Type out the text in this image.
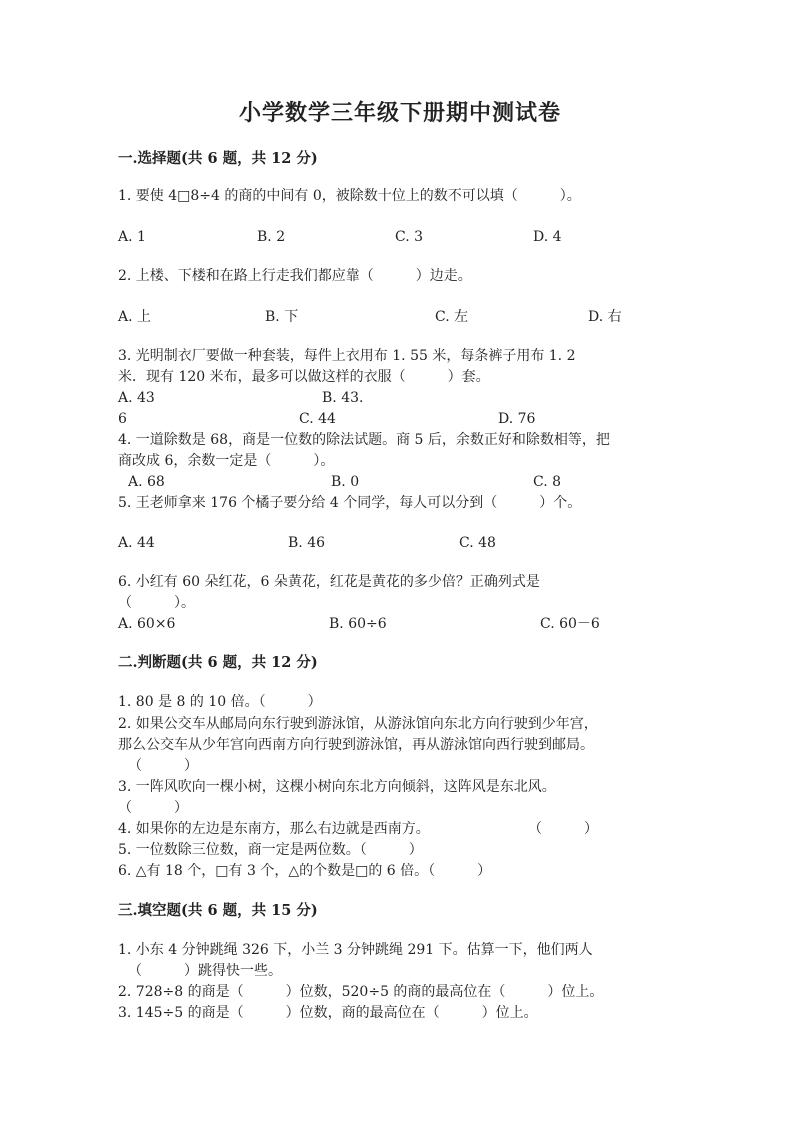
小学数学三年级下册期中测试卷
一.选择题(共 6 题，共 12 分)
1. 要使 4□8÷4 的商的中间有 0，被除数十位上的数不可以填（　　　）。
A. 1	B. 2	C. 3	D. 4
2. 上楼、下楼和在路上行走我们都应靠（　　　）边走。
A. 上	B. 下	C. 左	D. 右
3. 光明制衣厂要做一种套装，每件上衣用布 1. 55 米，每条裤子用布 1. 2
米．现有 120 米布，最多可以做这样的衣服（　　　）套。
A. 43	B. 43.
6	C. 44	D. 76
4. 一道除数是 68，商是一位数的除法试题。商 5 后，余数正好和除数相等，把
商改成 6，余数一定是（　　　）。
A. 68	B. 0	C. 8
5. 王老师拿来 176 个橘子要分给 4 个同学，每人可以分到（　　　）个。
A. 44	B. 46	C. 48
6. 小红有 60 朵红花，6 朵黄花，红花是黄花的多少倍？正确列式是
（　　　）。
A. 60×6	B. 60÷6	C. 60－6
二.判断题(共 6 题，共 12 分)
1. 80 是 8 的 10 倍。（　　　）
2. 如果公交车从邮局向东行驶到游泳馆，从游泳馆向东北方向行驶到少年宫，
那么公交车从少年宫向西南方向行驶到游泳馆，再从游泳馆向西行驶到邮局。
（　　　）
3. 一阵风吹向一棵小树，这棵小树向东北方向倾斜，这阵风是东北风。
（　　　）
4. 如果你的左边是东南方，那么右边就是西南方。	（　　　）
5. 一位数除三位数，商一定是两位数。（　　　）
6. △有 18 个，□有 3 个，△的个数是□的 6 倍。（　　　）
三.填空题(共 6 题，共 15 分)
1. 小东 4 分钟跳绳 326 下，小兰 3 分钟跳绳 291 下。估算一下，他们两人
（　　　）跳得快一些。
2. 728÷8 的商是（　　　）位数，520÷5 的商的最高位在（　　　）位上。
3. 145÷5 的商是（　　　）位数，商的最高位在（　　　）位上。
